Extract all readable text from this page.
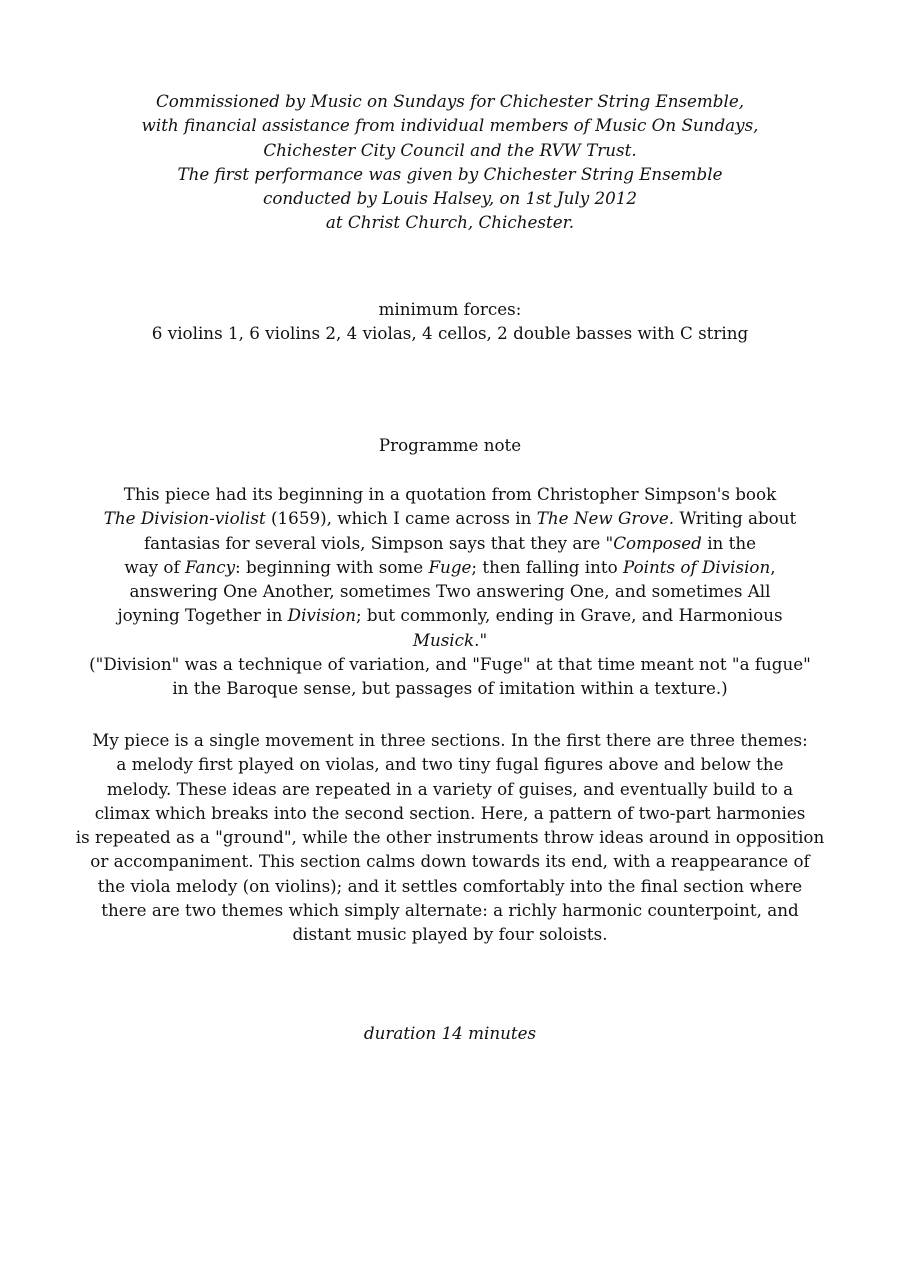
Commissioned by Music on Sundays for Chichester String Ensemble,
with financial assistance from individual members of Music On Sundays,
Chichester City Council and the RVW Trust.
The first performance was given by Chichester String Ensemble
conducted by Louis Halsey, on 1st July 2012
at Christ Church, Chichester.
minimum forces:
6 violins 1, 6 violins 2, 4 violas, 4 cellos, 2 double basses with C string
Programme note
This piece had its beginning in a quotation from Christopher Simpson's book
The Division-violist (1659), which I came across in The New Grove. Writing about
fantasias for several viols, Simpson says that they are "Composed in the
way of Fancy: beginning with some Fuge; then falling into Points of Division,
answering One Another, sometimes Two answering One, and sometimes All
joyning Together in Division; but commonly, ending in Grave, and Harmonious
Musick."
("Division" was a technique of variation, and "Fuge" at that time meant not "a fugue"
in the Baroque sense, but passages of imitation within a texture.)
My piece is a single movement in three sections. In the first there are three themes:
a melody first played on violas, and two tiny fugal figures above and below the
melody. These ideas are repeated in a variety of guises, and eventually build to a
climax which breaks into the second section. Here, a pattern of two-part harmonies
is repeated as a "ground", while the other instruments throw ideas around in opposition
or accompaniment. This section calms down towards its end, with a reappearance of
the viola melody (on violins); and it settles comfortably into the final section where
there are two themes which simply alternate: a richly harmonic counterpoint, and
distant music played by four soloists.
duration 14 minutes
